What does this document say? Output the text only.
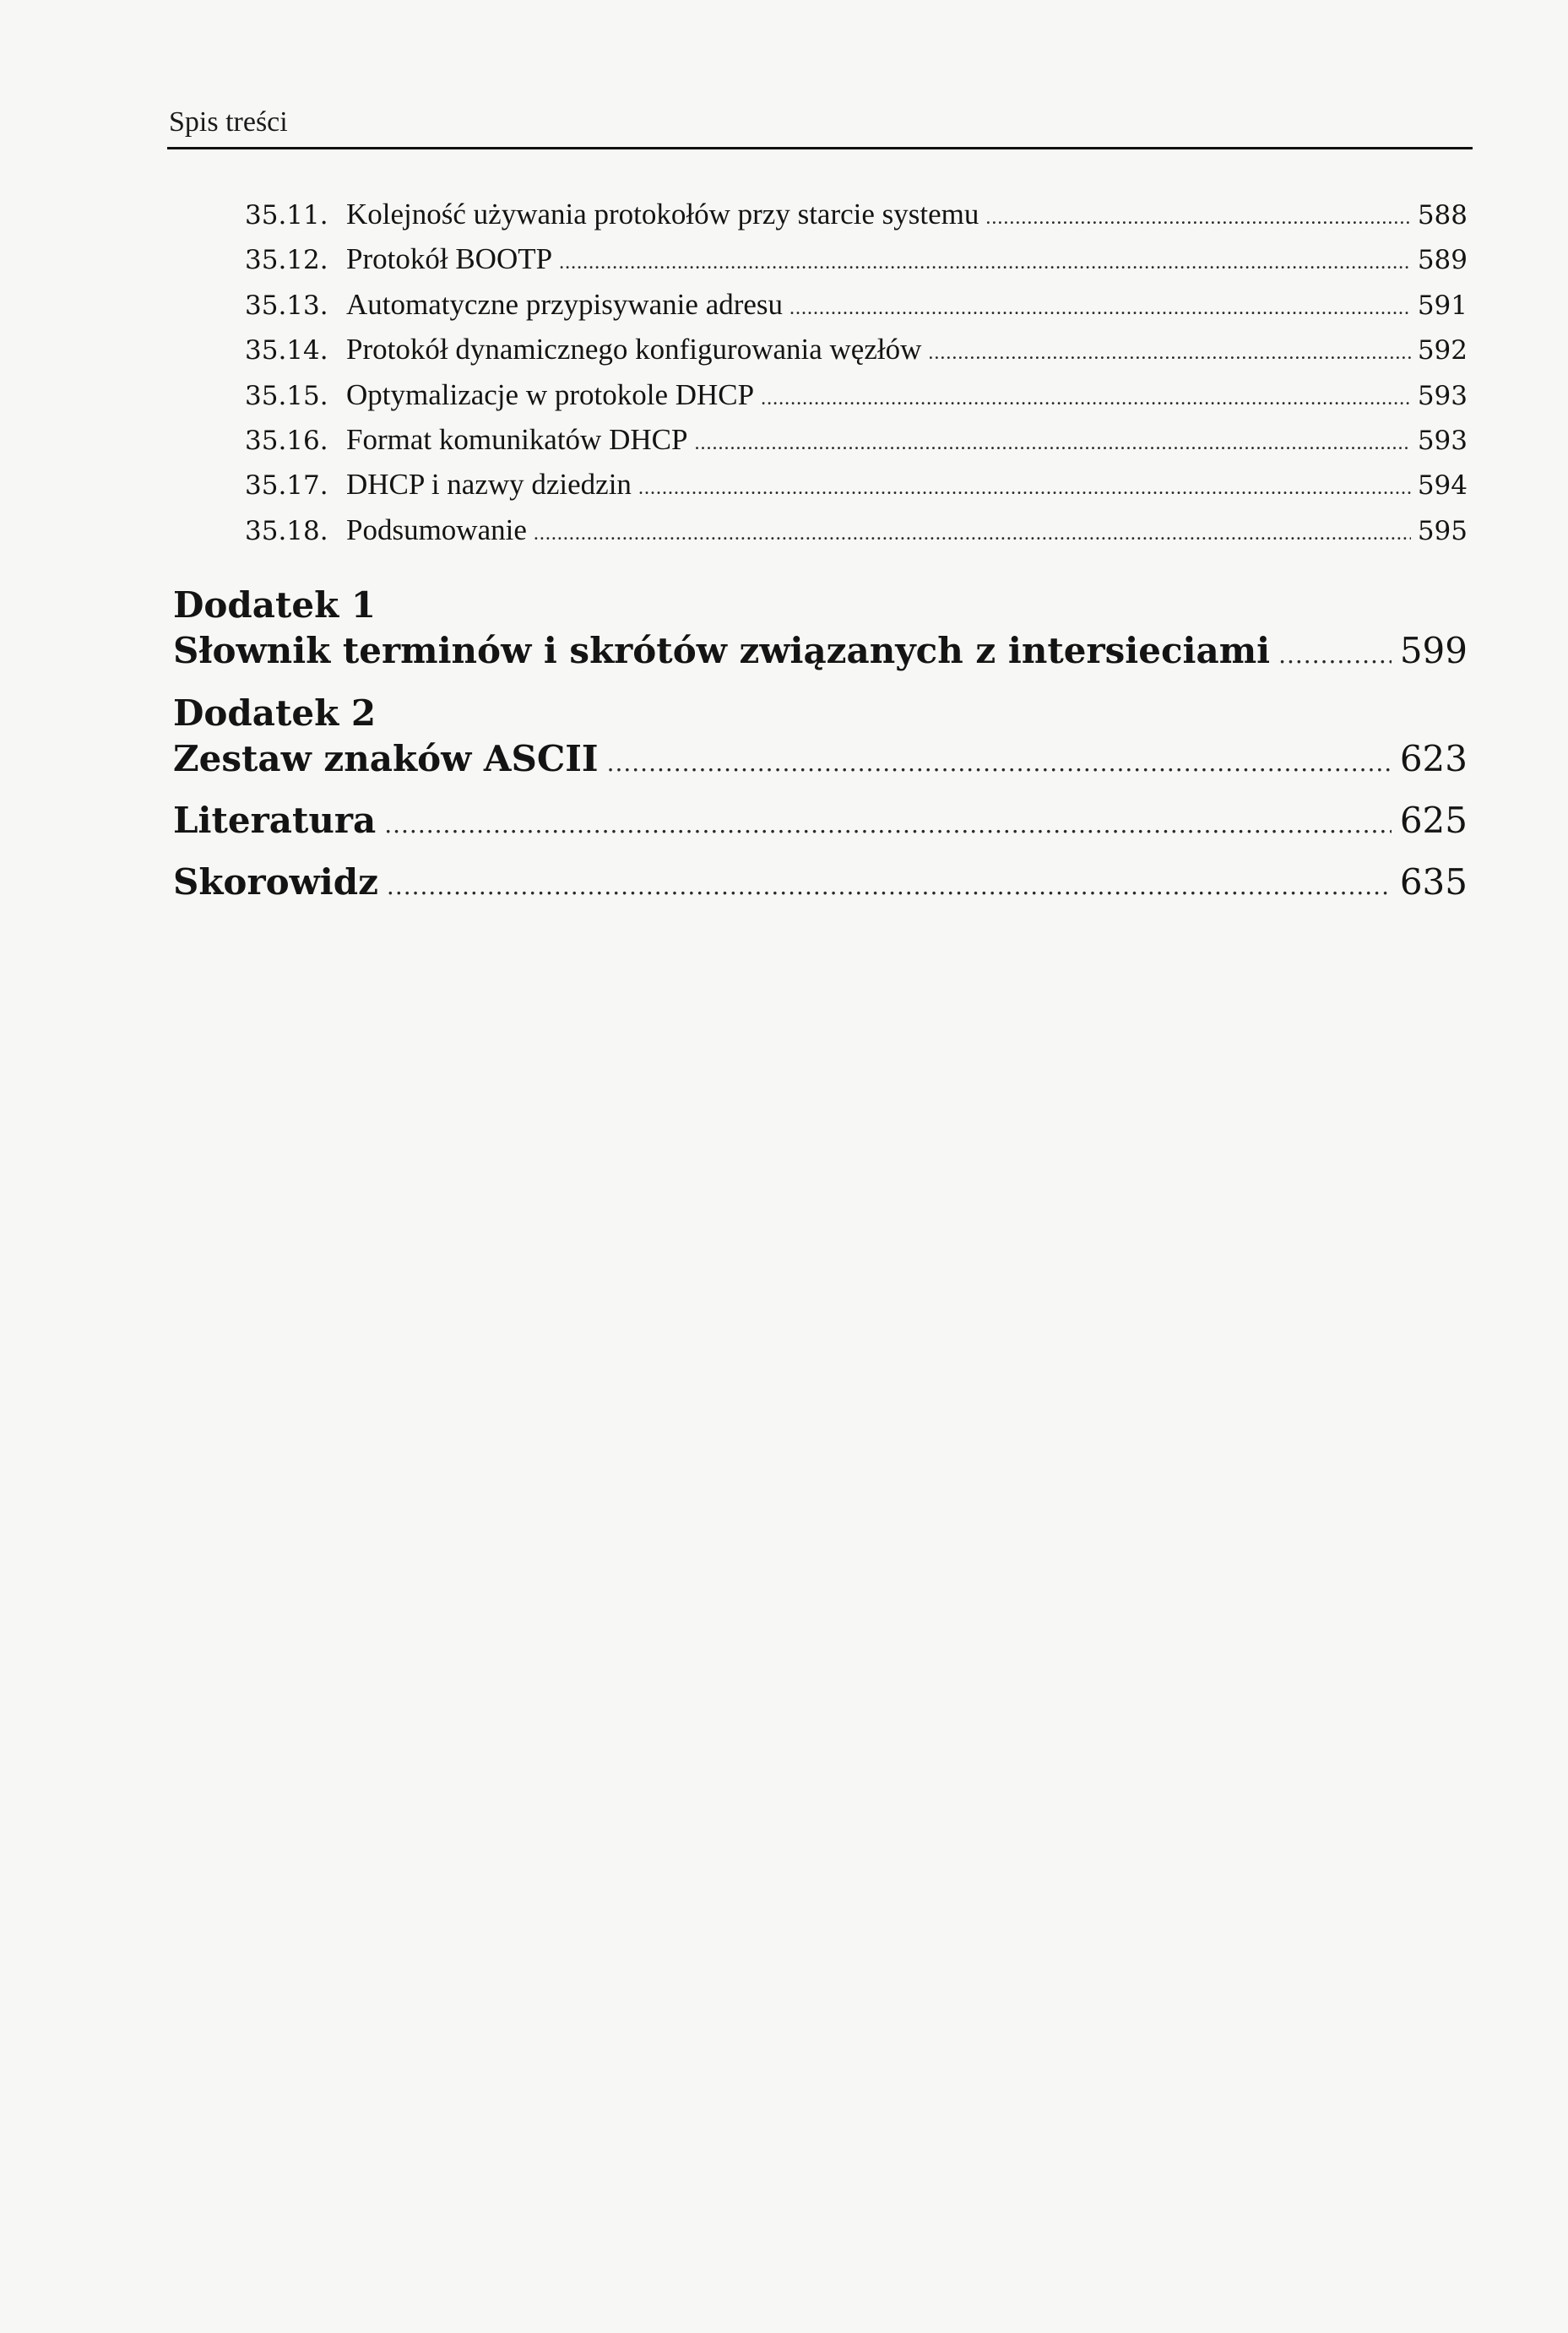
Spis treści
35.11. Kolejność używania protokołów przy starcie systemu .....	588
35.12. Protokół BOOTP .....	589
35.13. Automatyczne przypisywanie adresu .....	591
35.14. Protokół dynamicznego konfigurowania węzłów .....	592
35.15. Optymalizacje w protokole DHCP .....	593
35.16. Format komunikatów DHCP .....	593
35.17. DHCP i nazwy dziedzin .....	594
35.18. Podsumowanie .....	595
Dodatek 1
Słownik terminów i skrótów związanych z intersieciami .....	599
Dodatek 2
Zestaw znaków ASCII .....	623
Literatura .....	625
Skorowidz .....	635
